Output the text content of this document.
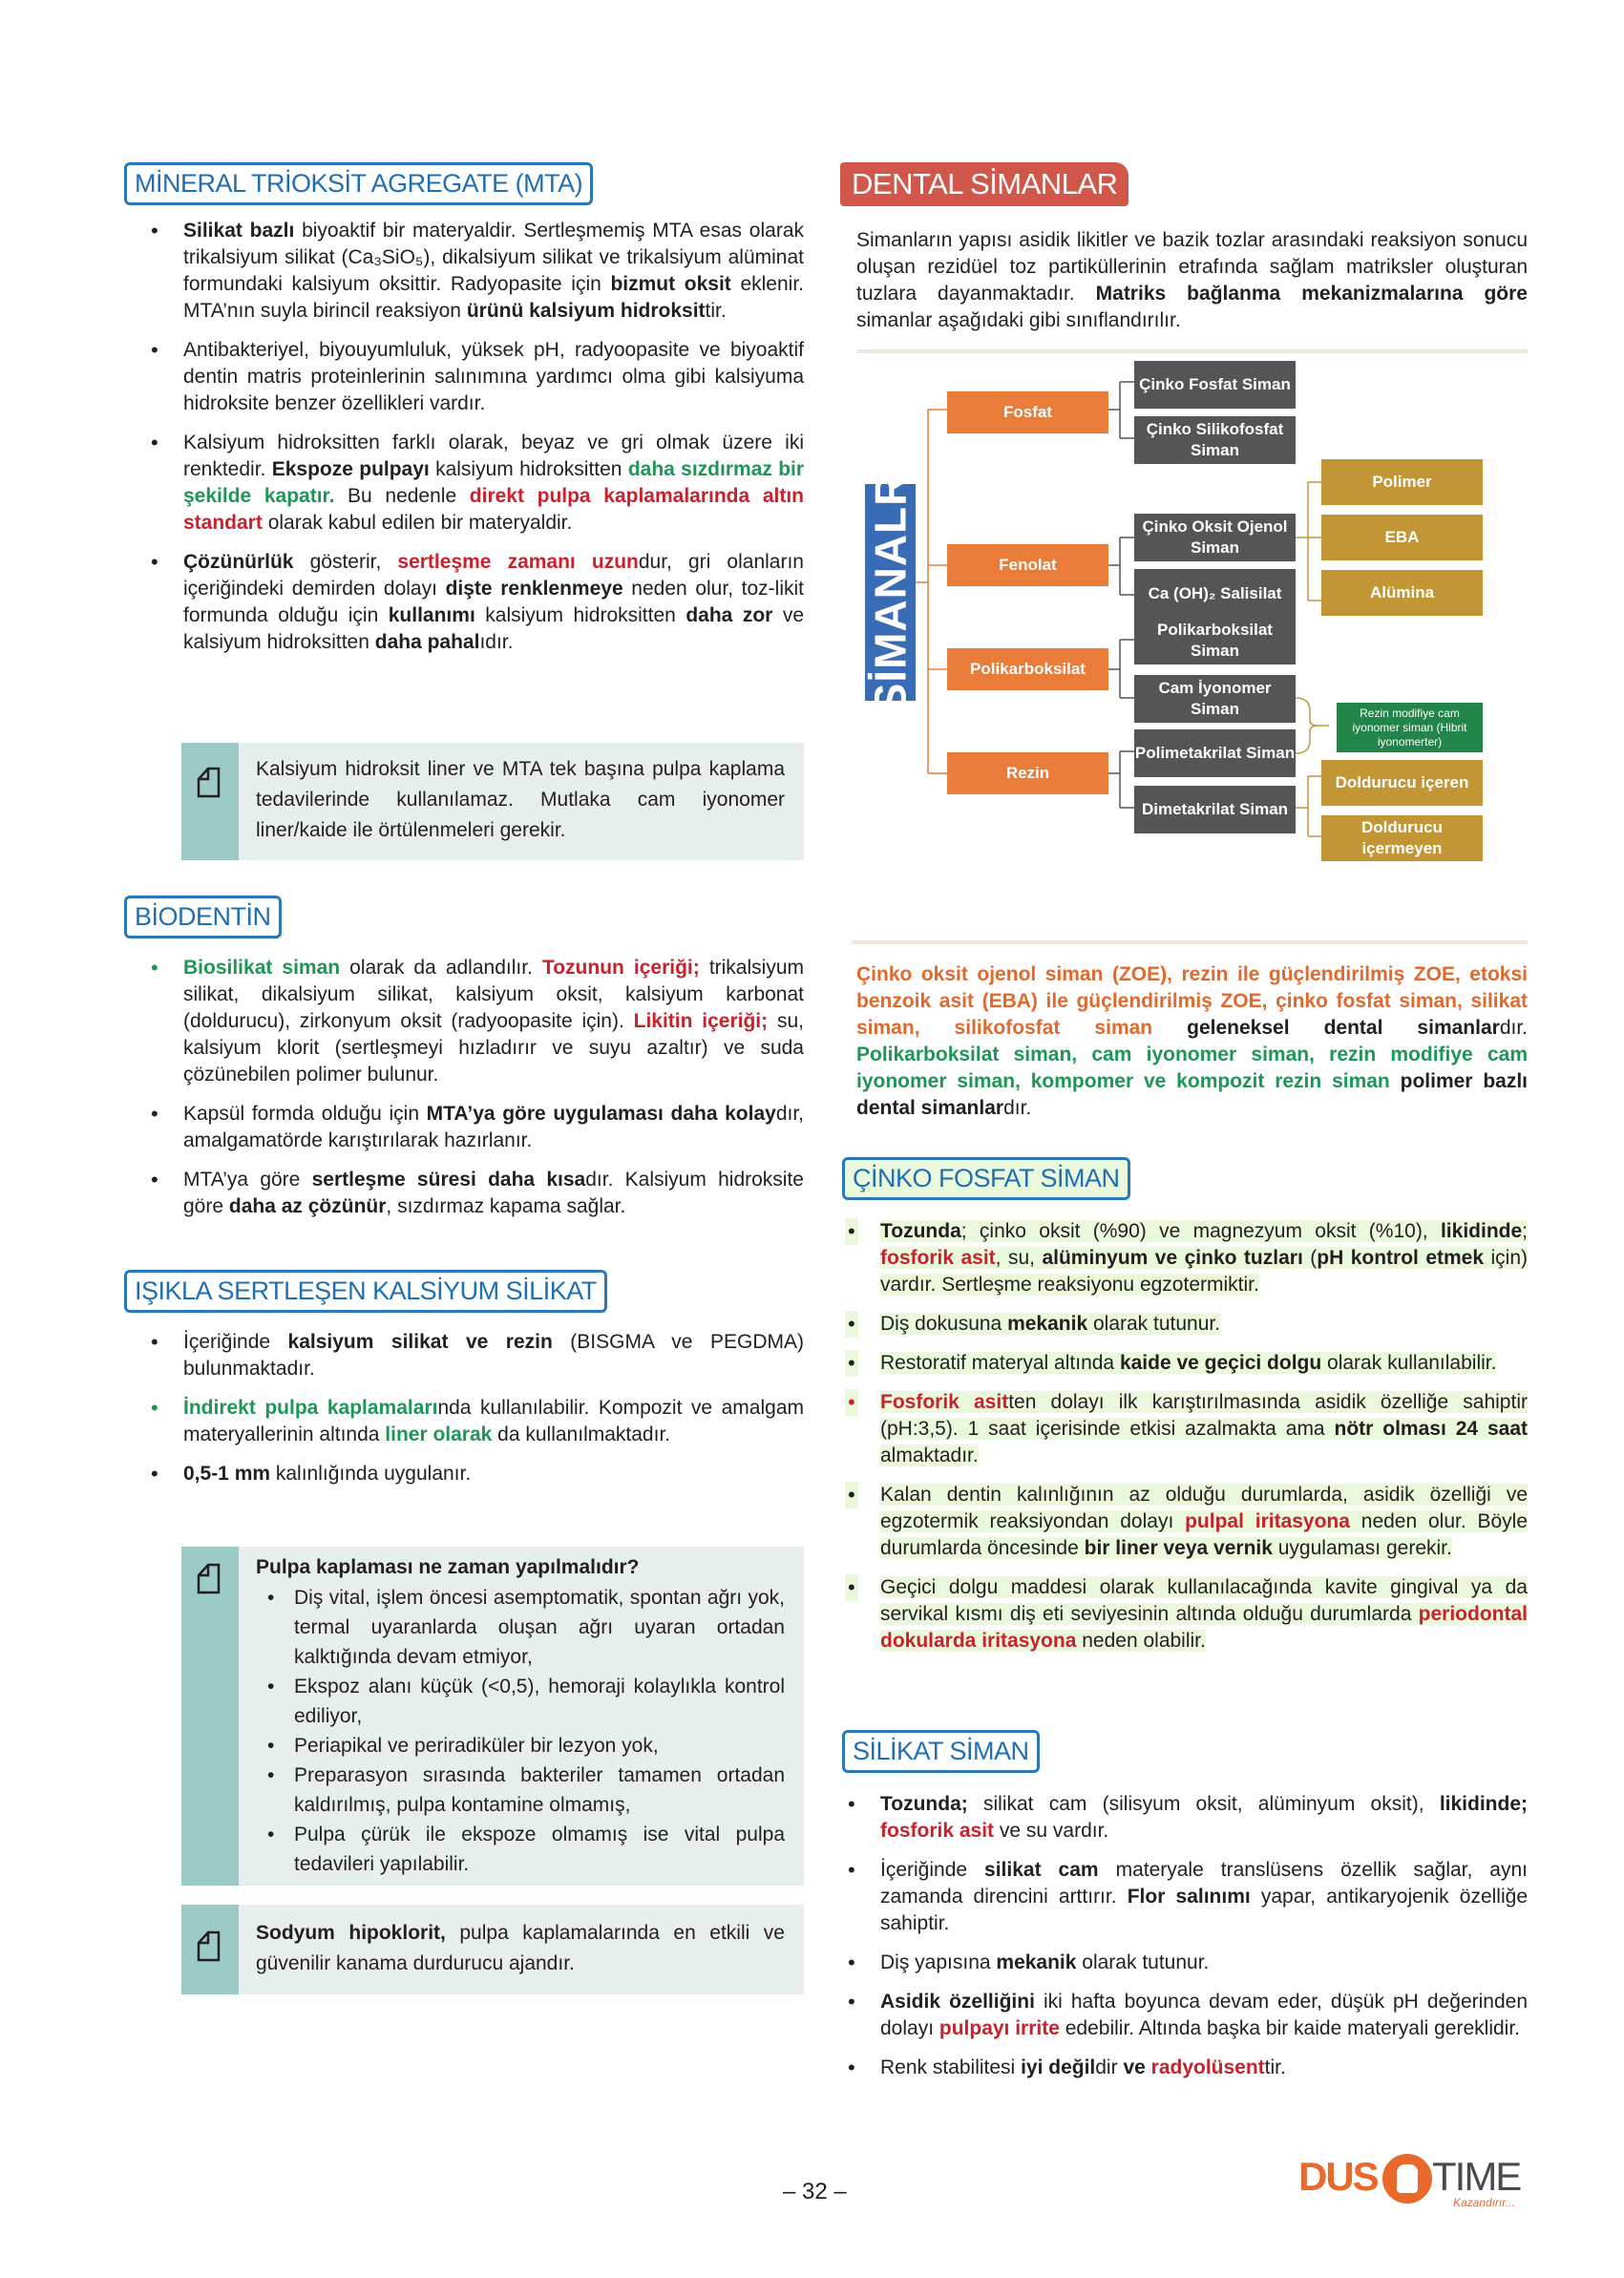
MİNERAL TRİOKSİT AGREGATE (MTA)
• Silikat bazlı biyoaktif bir materyaldir. Sertleşmemiş MTA esas olarak trikalsiyum silikat (Ca₃SiO₅), dikalsiyum silikat ve trikalsiyum alüminat formundaki kalsiyum oksittir. Radyopasite için bizmut oksit eklenir. MTA’nın suyla birincil reaksiyon ürünü kalsiyum hidroksittir.
• Antibakteriyel, biyouyumluluk, yüksek pH, radyoopasite ve biyoaktif dentin matris proteinlerinin salınımına yardımcı olma gibi kalsiyuma hidroksite benzer özellikleri vardır.
• Kalsiyum hidroksitten farklı olarak, beyaz ve gri olmak üzere iki renktedir. Ekspoze pulpayı kalsiyum hidroksitten daha sızdırmaz bir şekilde kapatır. Bu nedenle direkt pulpa kaplamalarında altın standart olarak kabul edilen bir materyaldir.
• Çözünürlük gösterir, sertleşme zamanı uzundur, gri olanların içeriğindeki demirden dolayı dişte renklenmeye neden olur, toz-likit formunda olduğu için kullanımı kalsiyum hidroksitten daha zor ve kalsiyum hidroksitten daha pahalıdır.
Kalsiyum hidroksit liner ve MTA tek başına pulpa kaplama tedavilerinde kullanılamaz. Mutlaka cam iyonomer liner/kaide ile örtülenmeleri gerekir.
BİODENTİN
• Biosilikat siman olarak da adlandılır. Tozunun içeriği; trikalsiyum silikat, dikalsiyum silikat, kalsiyum oksit, kalsiyum karbonat (doldurucu), zirkonyum oksit (radyoopasite için). Likitin içeriği; su, kalsiyum klorit (sertleşmeyi hızladırır ve suyu azaltır) ve suda çözünebilen polimer bulunur.
• Kapsül formda olduğu için MTA’ya göre uygulaması daha kolaydır, amalgamatörde karıştırılarak hazırlanır.
• MTA’ya göre sertleşme süresi daha kısadır. Kalsiyum hidroksite göre daha az çözünür, sızdırmaz kapama sağlar.
IŞIKLA SERTLEŞEN KALSİYUM SİLİKAT
• İçeriğinde kalsiyum silikat ve rezin (BISGMA ve PEGDMA) bulunmaktadır.
• İndirekt pulpa kaplamalarında kullanılabilir. Kompozit ve amalgam materyallerinin altında liner olarak da kullanılmaktadır.
• 0,5-1 mm kalınlığında uygulanır.
Pulpa kaplaması ne zaman yapılmalıdır?
• Diş vital, işlem öncesi asemptomatik, spontan ağrı yok, termal uyaranlarda oluşan ağrı uyaran ortadan kalktığında devam etmiyor,
• Ekspoz alanı küçük (<0,5), hemoraji kolaylıkla kontrol ediliyor,
• Periapikal ve periradiküler bir lezyon yok,
• Preparasyon sırasında bakteriler tamamen ortadan kaldırılmış, pulpa kontamine olmamış,
• Pulpa çürük ile ekspoze olmamış ise vital pulpa tedavileri yapılabilir.
Sodyum hipoklorit, pulpa kaplamalarında en etkili ve güvenilir kanama durdurucu ajandır.
DENTAL SİMANLAR
Simanların yapısı asidik likitler ve bazik tozlar arasındaki reaksiyon sonucu oluşan rezidüel toz partiküllerinin etrafında sağlam matriksler oluşturan tuzlara dayanmaktadır. Matriks bağlanma mekanizmalarına göre simanlar aşağıdaki gibi sınıflandırılır.
SİMANALR
Fosfat
Fenolat
Polikarboksilat
Rezin
Çinko Fosfat Siman
Çinko Silikofosfat Siman
Çinko Oksit Ojenol Siman
Ca (OH)₂ Salisilat
Polikarboksilat Siman
Cam İyonomer Siman
Polimetakrilat Siman
Dimetakrilat Siman
Polimer
EBA
Alümina
Rezin modifiye cam iyonomer siman (Hibrit iyonomerter)
Doldurucu içeren
Doldurucu içermeyen
Çinko oksit ojenol siman (ZOE), rezin ile güçlendirilmiş ZOE, etoksi benzoik asit (EBA) ile güçlendirilmiş ZOE, çinko fosfat siman, silikat siman, silikofosfat siman geleneksel dental simanlardır. Polikarboksilat siman, cam iyonomer siman, rezin modifiye cam iyonomer siman, kompomer ve kompozit rezin siman polimer bazlı dental simanlardır.
ÇİNKO FOSFAT SİMAN
• Tozunda; çinko oksit (%90) ve magnezyum oksit (%10), likidinde; fosforik asit, su, alüminyum ve çinko tuzları (pH kontrol etmek için) vardır. Sertleşme reaksiyonu egzotermiktir.
• Diş dokusuna mekanik olarak tutunur.
• Restoratif materyal altında kaide ve geçici dolgu olarak kullanılabilir.
• Fosforik asitten dolayı ilk karıştırılmasında asidik özelliğe sahiptir (pH:3,5). 1 saat içerisinde etkisi azalmakta ama nötr olması 24 saat almaktadır.
• Kalan dentin kalınlığının az olduğu durumlarda, asidik özelliği ve egzotermik reaksiyondan dolayı pulpal iritasyona neden olur. Böyle durumlarda öncesinde bir liner veya vernik uygulaması gerekir.
• Geçici dolgu maddesi olarak kullanılacağında kavite gingival ya da servikal kısmı diş eti seviyesinin altında olduğu durumlarda periodontal dokularda iritasyona neden olabilir.
SİLİKAT SİMAN
• Tozunda; silikat cam (silisyum oksit, alüminyum oksit), likidinde; fosforik asit ve su vardır.
• İçeriğinde silikat cam materyale translüsens özellik sağlar, aynı zamanda direncini arttırır. Flor salınımı yapar, antikaryojenik özelliğe sahiptir.
• Diş yapısına mekanik olarak tutunur.
• Asidik özelliğini iki hafta boyunca devam eder, düşük pH değerinden dolayı pulpayı irrite edebilir. Altında başka bir kaide materyali gereklidir.
• Renk stabilitesi iyi değildir ve radyolüsenttir.
– 32 –	DUS TIME
Kazandırır...
